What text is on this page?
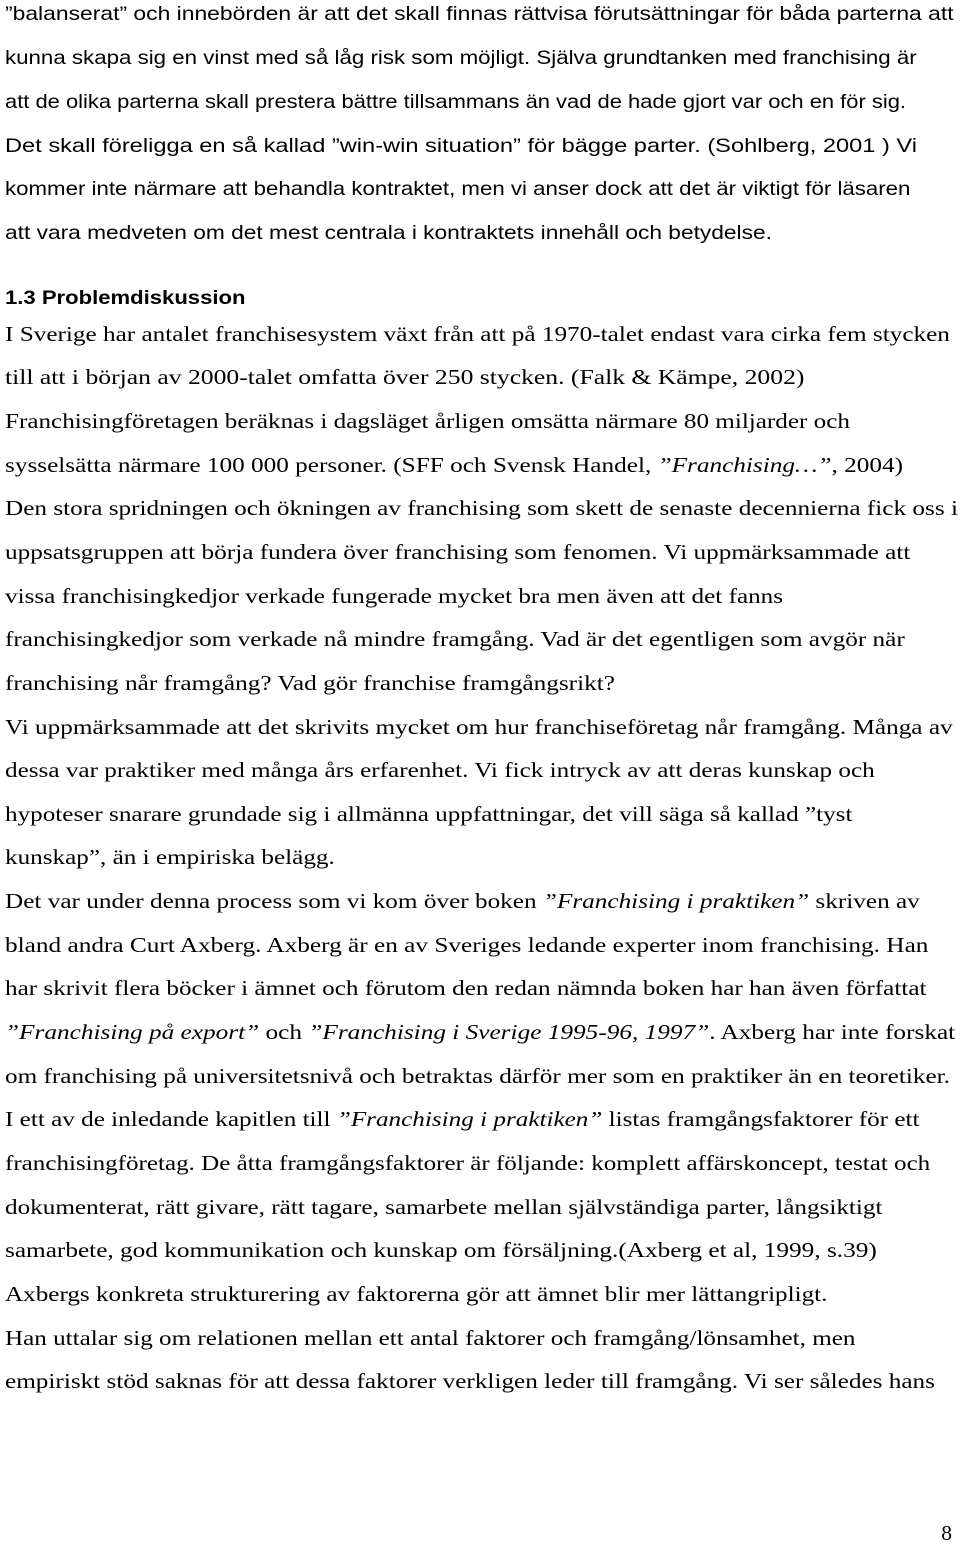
”balanserat” och innebörden är att det skall finnas rättvisa förutsättningar för båda parterna att
kunna skapa sig en vinst med så låg risk som möjligt. Själva grundtanken med franchising är
att de olika parterna skall prestera bättre tillsammans än vad de hade gjort var och en för sig.
Det skall föreligga en så kallad ”win-win situation” för bägge parter. (Sohlberg, 2001 ) Vi
kommer inte närmare att behandla kontraktet, men vi anser dock att det är viktigt för läsaren
att vara medveten om det mest centrala i kontraktets innehåll och betydelse.
1.3 Problemdiskussion
I Sverige har antalet franchisesystem växt från att på 1970-talet endast vara cirka fem stycken
till att i början av 2000-talet omfatta över 250 stycken. (Falk & Kämpe, 2002)
Franchisingföretagen beräknas i dagsläget årligen omsätta närmare 80 miljarder och
sysselsätta närmare 100 000 personer. (SFF och Svensk Handel, ”Franchising…”, 2004)
Den stora spridningen och ökningen av franchising som skett de senaste decennierna fick oss i
uppsatsgruppen att börja fundera över franchising som fenomen. Vi uppmärksammade att
vissa franchisingkedjor verkade fungerade mycket bra men även att det fanns
franchisingkedjor som verkade nå mindre framgång. Vad är det egentligen som avgör när
franchising når framgång? Vad gör franchise framgångsrikt?
Vi uppmärksammade att det skrivits mycket om hur franchiseföretag når framgång. Många av
dessa var praktiker med många års erfarenhet. Vi fick intryck av att deras kunskap och
hypoteser snarare grundade sig i allmänna uppfattningar, det vill säga så kallad ”tyst
kunskap”, än i empiriska belägg.
Det var under denna process som vi kom över boken ”Franchising i praktiken” skriven av
bland andra Curt Axberg. Axberg är en av Sveriges ledande experter inom franchising. Han
har skrivit flera böcker i ämnet och förutom den redan nämnda boken har han även författat
”Franchising på export” och ”Franchising i Sverige 1995-96, 1997”. Axberg har inte forskat
om franchising på universitetsnivå och betraktas därför mer som en praktiker än en teoretiker.
I ett av de inledande kapitlen till ”Franchising i praktiken” listas framgångsfaktorer för ett
franchisingföretag. De åtta framgångsfaktorer är följande: komplett affärskoncept, testat och
dokumenterat, rätt givare, rätt tagare, samarbete mellan självständiga parter, långsiktigt
samarbete, god kommunikation och kunskap om försäljning.(Axberg et al, 1999, s.39)
Axbergs konkreta strukturering av faktorerna gör att ämnet blir mer lättangripligt.
Han uttalar sig om relationen mellan ett antal faktorer och framgång/lönsamhet, men
empiriskt stöd saknas för att dessa faktorer verkligen leder till framgång. Vi ser således hans
8
